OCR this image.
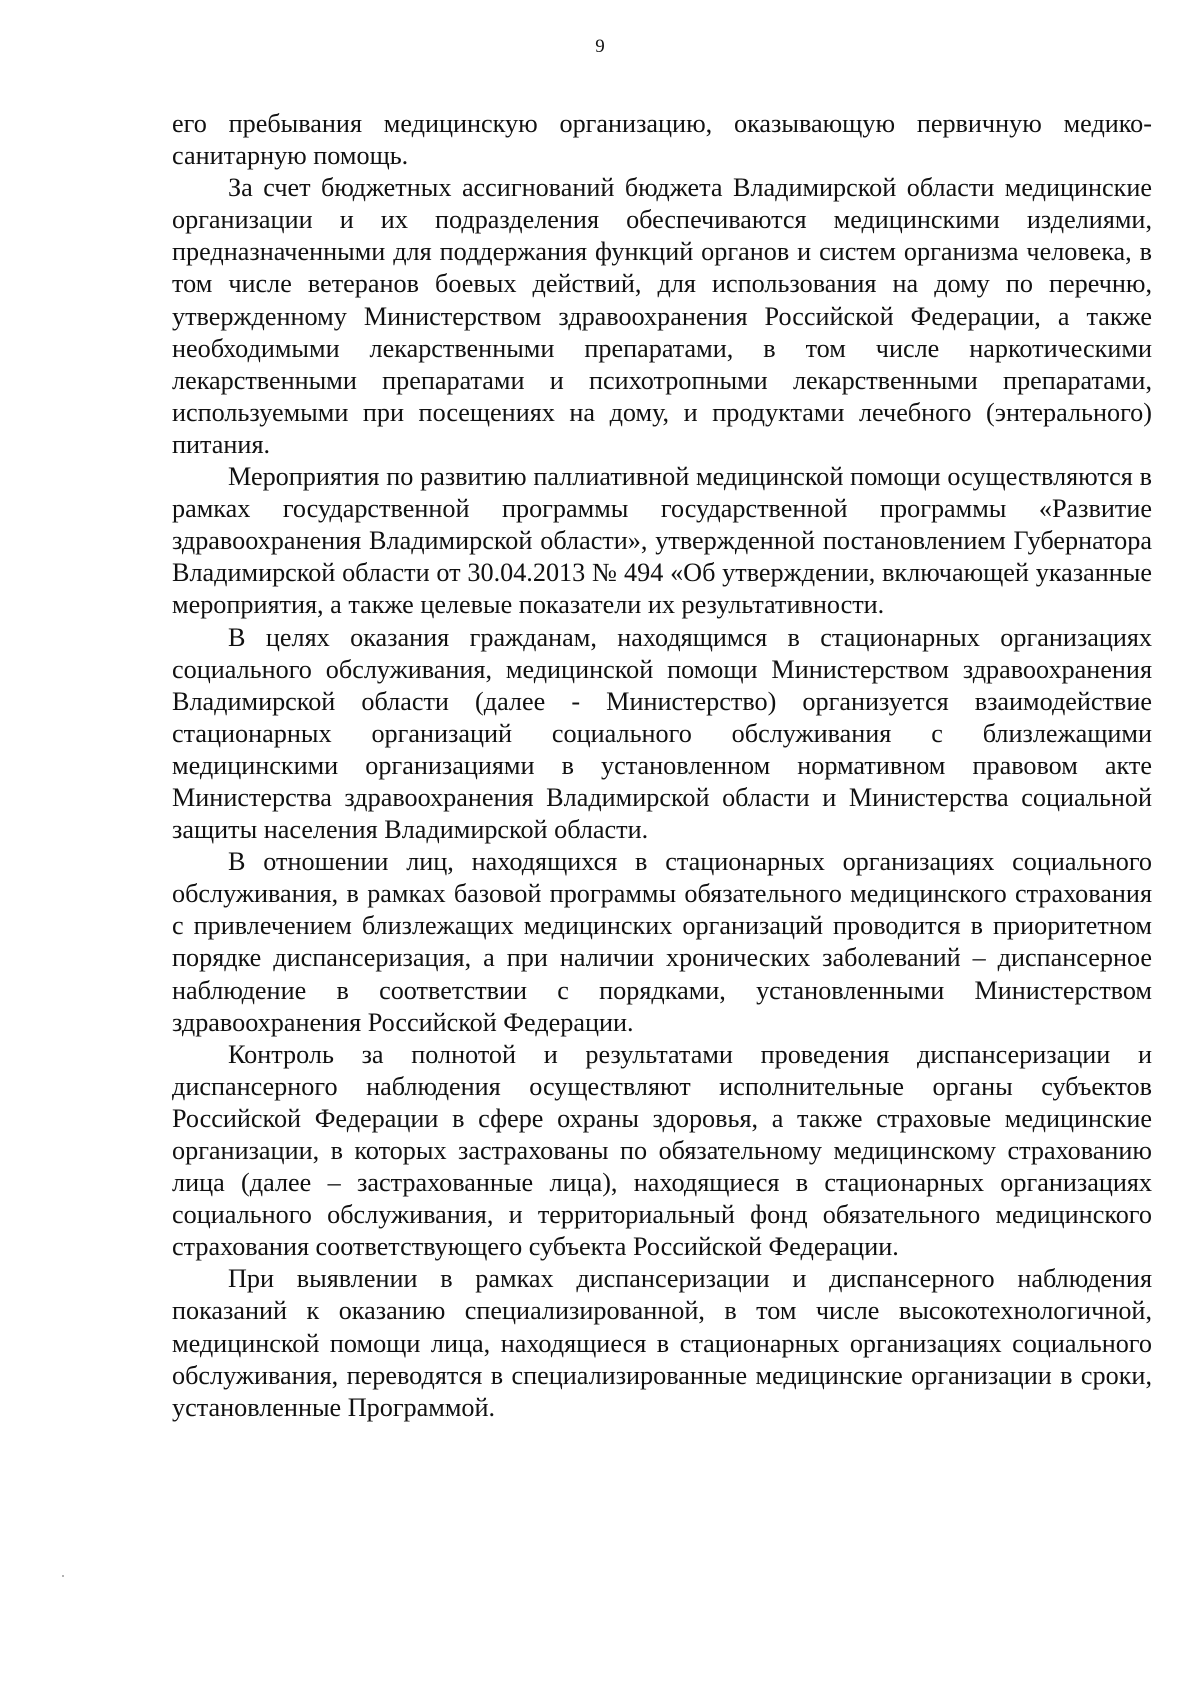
9

его пребывания медицинскую организацию, оказывающую первичную медико-санитарную помощь.

За счет бюджетных ассигнований бюджета Владимирской области медицинские организации и их подразделения обеспечиваются медицинскими изделиями, предназначенными для поддержания функций органов и систем организма человека, в том числе ветеранов боевых действий, для использования на дому по перечню, утвержденному Министерством здравоохранения Российской Федерации, а также необходимыми лекарственными препаратами, в том числе наркотическими лекарственными препаратами и психотропными лекарственными препаратами, используемыми при посещениях на дому, и продуктами лечебного (энтерального) питания.

Мероприятия по развитию паллиативной медицинской помощи осуществляются в рамках государственной программы государственной программы «Развитие здравоохранения Владимирской области», утвержденной постановлением Губернатора Владимирской области от 30.04.2013 № 494 «Об утверждении, включающей указанные мероприятия, а также целевые показатели их результативности.

В целях оказания гражданам, находящимся в стационарных организациях социального обслуживания, медицинской помощи Министерством здравоохранения Владимирской области (далее - Министерство) организуется взаимодействие стационарных организаций социального обслуживания с близлежащими медицинскими организациями в установленном нормативном правовом акте Министерства здравоохранения Владимирской области и Министерства социальной защиты населения Владимирской области.

В отношении лиц, находящихся в стационарных организациях социального обслуживания, в рамках базовой программы обязательного медицинского страхования с привлечением близлежащих медицинских организаций проводится в приоритетном порядке диспансеризация, а при наличии хронических заболеваний – диспансерное наблюдение в соответствии с порядками, установленными Министерством здравоохранения Российской Федерации.

Контроль за полнотой и результатами проведения диспансеризации и диспансерного наблюдения осуществляют исполнительные органы субъектов Российской Федерации в сфере охраны здоровья, а также страховые медицинские организации, в которых застрахованы по обязательному медицинскому страхованию лица (далее – застрахованные лица), находящиеся в стационарных организациях социального обслуживания, и территориальный фонд обязательного медицинского страхования соответствующего субъекта Российской Федерации.

При выявлении в рамках диспансеризации и диспансерного наблюдения показаний к оказанию специализированной, в том числе высокотехнологичной, медицинской помощи лица, находящиеся в стационарных организациях социального обслуживания, переводятся в специализированные медицинские организации в сроки, установленные Программой.
